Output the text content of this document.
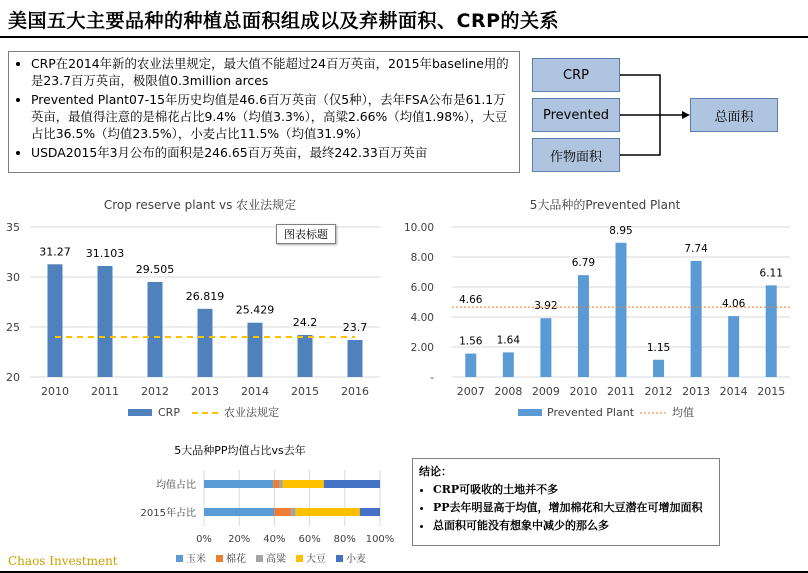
美国五大主要品种的种植总面积组成以及弃耕面积、CRP的关系
• CRP在2014年新的农业法里规定，最大值不能超过24百万英亩，2015年baseline用的是23.7百万英亩，极限值0.3million arces
• Prevented Plant07-15年历史均值是46.6百万英亩（仅5种），去年FSA公布是61.1万英亩，最值得注意的是棉花占比9.4%（均值3.3%），高粱2.66%（均值1.98%），大豆占比36.5%（均值23.5%），小麦占比11.5%（均值31.9%）
• USDA2015年3月公布的面积是246.65百万英亩，最终242.33百万英亩
CRP
Prevented
作物面积
总面积
Crop reserve plant vs 农业法规定
20
25
30
35
31.27
2010
31.103
2011
29.505
2012
26.819
2013
25.429
2014
24.2
2015
23.7
2016
CRP	农业法规定
图表标题
5大品种的Prevented Plant
-
2.00
4.00
6.00
8.00
10.00
1.56
2007
1.64
2008
3.92
2009
6.79
2010
8.95
2011
1.15
2012
7.74
2013
4.06
2014
6.11
2015
4.66
Prevented Plant	均值
5大品种PP均值占比vs去年
0% 20% 40% 60% 80% 100%
均值占比
2015年占比
玉米 棉花 高粱 大豆 小麦
结论：
• CRP可吸收的土地并不多
• PP去年明显高于均值，增加棉花和大豆潜在可增加面积
• 总面积可能没有想象中减少的那么多
Chaos Investment
